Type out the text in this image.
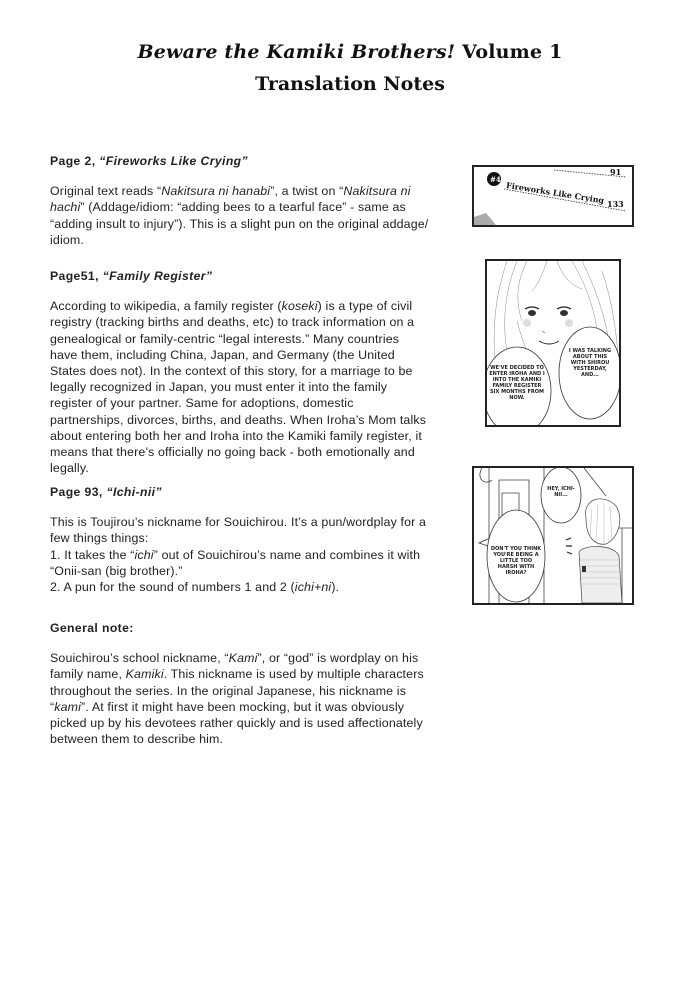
Beware the Kamiki Brothers! Volume 1
Translation Notes

Page 2, “Fireworks Like Crying”

Original text reads “Nakitsura ni hanabi”, a twist on “Nakitsura ni hachi” (Addage/idiom: “adding bees to a tearful face” - same as “adding insult to injury”). This is a slight pun on the original addage/ idiom.

Page51, “Family Register”

According to wikipedia, a family register (koseki) is a type of civil registry (tracking births and deaths, etc) to track information on a genealogical or family-centric “legal interests.” Many countries have them, including China, Japan, and Germany (the United States does not). In the context of this story, for a marriage to be legally recognized in Japan, you must enter it into the family register of your partner. Same for adoptions, domestic partnerships, divorces, births, and deaths. When Iroha’s Mom talks about entering both her and Iroha into the Kamiki family register, it means that there’s officially no going back - both emotionally and legally.

Page 93, “Ichi-nii”

This is Toujirou’s nickname for Souichirou. It’s a pun/wordplay for a few things things:
1. It takes the “ichi” out of Souichirou’s name and combines it with “Onii-san (big brother).”
2. A pun for the sound of numbers 1 and 2 (ichi+ni).

General note:

Souichirou’s school nickname, “Kami”, or “god” is wordplay on his family name, Kamiki. This nickname is used by multiple characters throughout the series. In the original Japanese, his nickname is “kami”. At first it might have been mocking, but it was obviously picked up by his devotees rather quickly and is used affectionately between them to describe him.

#4
Fireworks Like Crying
91
133
I WAS TALKING ABOUT THIS WITH SHIROU YESTERDAY, AND...
WE'VE DECIDED TO ENTER IROHA AND I INTO THE KAMIKI FAMILY REGISTER SIX MONTHS FROM NOW.
HEY, ICHI-NII...
DON'T YOU THINK YOU'RE BEING A LITTLE TOO HARSH WITH IROHA?
